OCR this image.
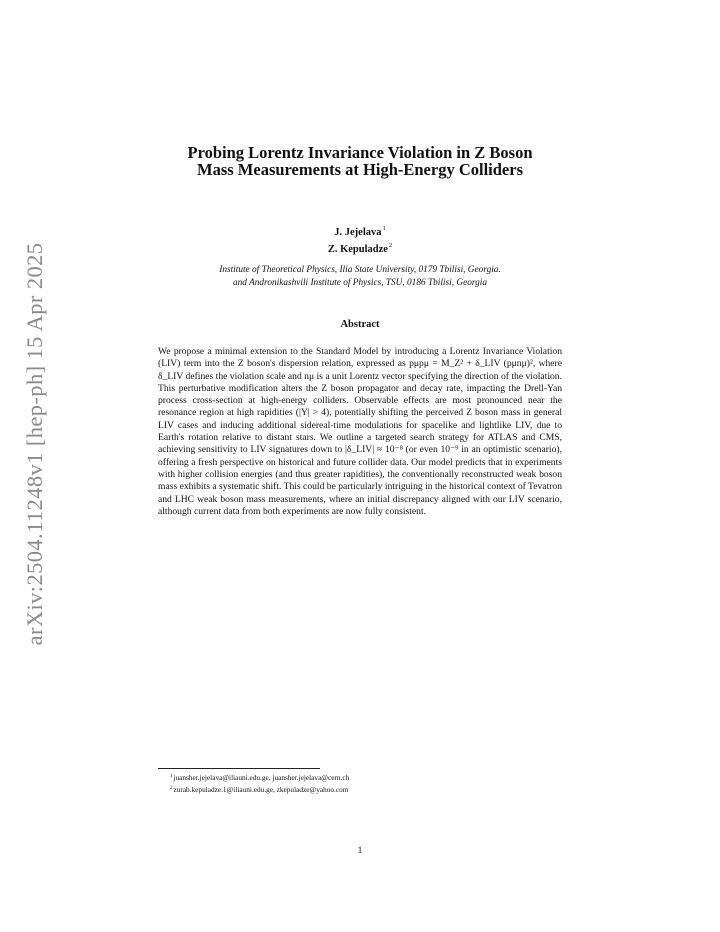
arXiv:2504.11248v1 [hep-ph] 15 Apr 2025
Probing Lorentz Invariance Violation in Z Boson
Mass Measurements at High-Energy Colliders
J. Jejelava$^1$
Z. Kepuladze$^2$
Institute of Theoretical Physics, Ilia State University, 0179 Tbilisi, Georgia.
and Andronikashvili Institute of Physics, TSU, 0186 Tbilisi, Georgia
Abstract

We propose a minimal extension to the Standard Model by introducing a Lorentz Invariance Violation (LIV) term into the Z boson's dispersion relation, expressed as pμpμ = M_Z² + δ_LIV (pμnμ)², where δ_LIV defines the violation scale and nμ is a unit Lorentz vector specifying the direction of the violation. This perturbative modification alters the Z boson propagator and decay rate, impacting the Drell-Yan process cross-section at high-energy colliders. Observable effects are most pronounced near the resonance region at high rapidities (|Y| > 4), potentially shifting the perceived Z boson mass in general LIV cases and inducing additional sidereal-time modulations for spacelike and lightlike LIV, due to Earth's rotation relative to distant stars. We outline a targeted search strategy for ATLAS and CMS, achieving sensitivity to LIV signatures down to |δ_LIV| ≈ 10⁻⁸ (or even 10⁻⁹ in an optimistic scenario), offering a fresh perspective on historical and future collider data. Our model predicts that in experiments with higher collision energies (and thus greater rapidities), the conventionally reconstructed weak boson mass exhibits a systematic shift. This could be particularly intriguing in the historical context of Tevatron and LHC weak boson mass measurements, where an initial discrepancy aligned with our LIV scenario, although current data from both experiments are now fully consistent.

$^1$juansher.jejelava@iliauni.edu.ge, juansher.jejelava@cern.ch
$^2$zurab.kepuladze.1@iliauni.edu.ge, zkepuladze@yahoo.com
1
